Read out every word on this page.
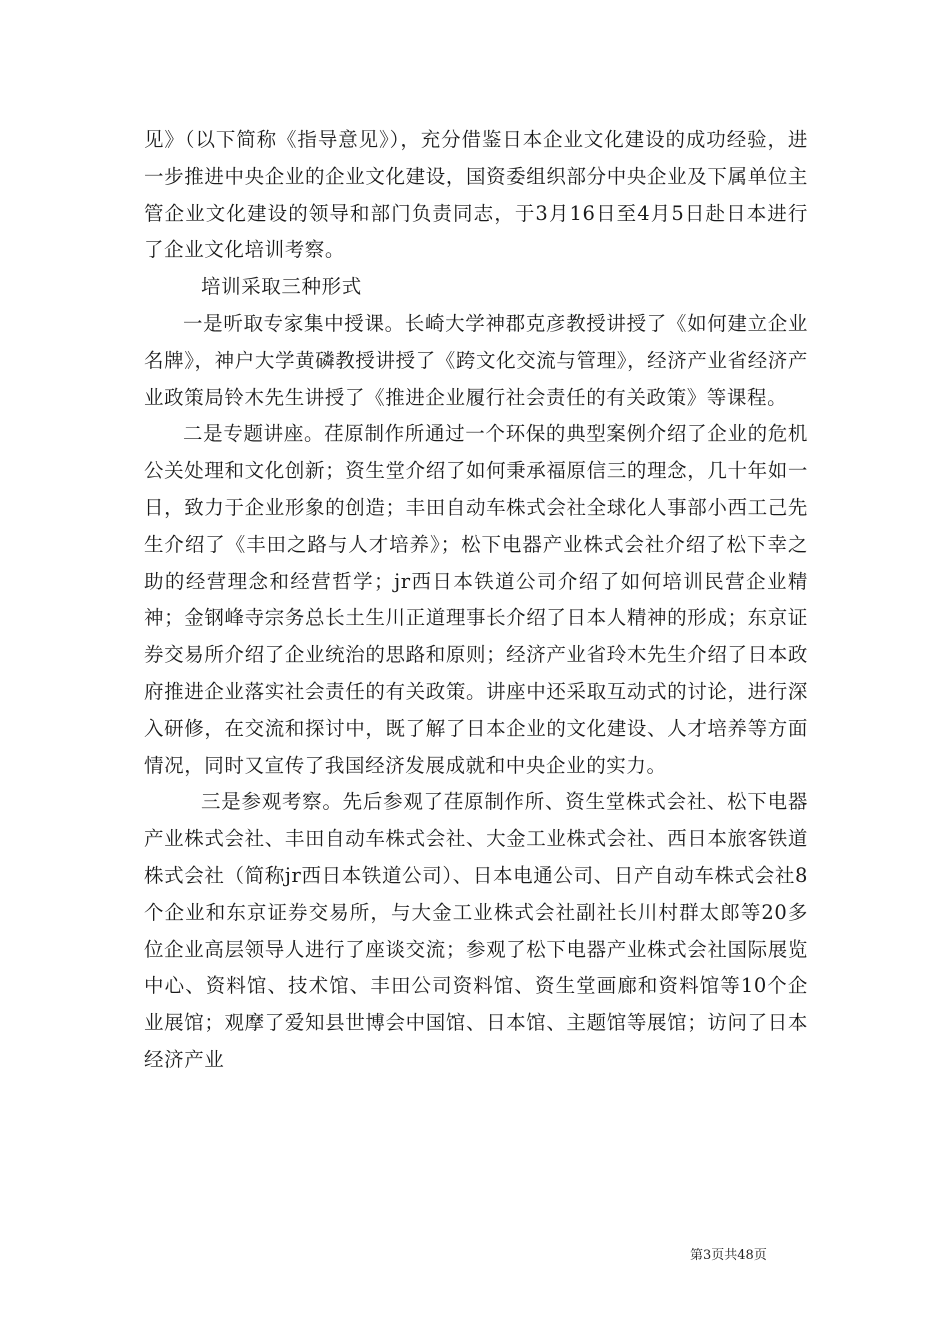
见》（以下简称《指导意见》），充分借鉴日本企业文化建设的成功经验，进一步推进中央企业的企业文化建设，国资委组织部分中央企业及下属单位主管企业文化建设的领导和部门负责同志，于3月16日至4月5日赴日本进行了企业文化培训考察。

培训采取三种形式

一是听取专家集中授课。长崎大学神郡克彦教授讲授了《如何建立企业名牌》，神户大学黄磷教授讲授了《跨文化交流与管理》，经济产业省经济产业政策局铃木先生讲授了《推进企业履行社会责任的有关政策》等课程。

二是专题讲座。荏原制作所通过一个环保的典型案例介绍了企业的危机公关处理和文化创新；资生堂介绍了如何秉承福原信三的理念，几十年如一日，致力于企业形象的创造；丰田自动车株式会社全球化人事部小西工己先生介绍了《丰田之路与人才培养》；松下电器产业株式会社介绍了松下幸之助的经营理念和经营哲学；jr西日本铁道公司介绍了如何培训民营企业精神；金钢峰寺宗务总长土生川正道理事长介绍了日本人精神的形成；东京证券交易所介绍了企业统治的思路和原则；经济产业省玲木先生介绍了日本政府推进企业落实社会责任的有关政策。讲座中还采取互动式的讨论，进行深入研修，在交流和探讨中，既了解了日本企业的文化建设、人才培养等方面情况，同时又宣传了我国经济发展成就和中央企业的实力。

三是参观考察。先后参观了荏原制作所、资生堂株式会社、松下电器产业株式会社、丰田自动车株式会社、大金工业株式会社、西日本旅客铁道株式会社（简称jr西日本铁道公司）、日本电通公司、日产自动车株式会社8个企业和东京证券交易所，与大金工业株式会社副社长川村群太郎等20多位企业高层领导人进行了座谈交流；参观了松下电器产业株式会社国际展览中心、资料馆、技术馆、丰田公司资料馆、资生堂画廊和资料馆等10个企业展馆；观摩了爱知县世博会中国馆、日本馆、主题馆等展馆；访问了日本经济产业

第3页共48页
